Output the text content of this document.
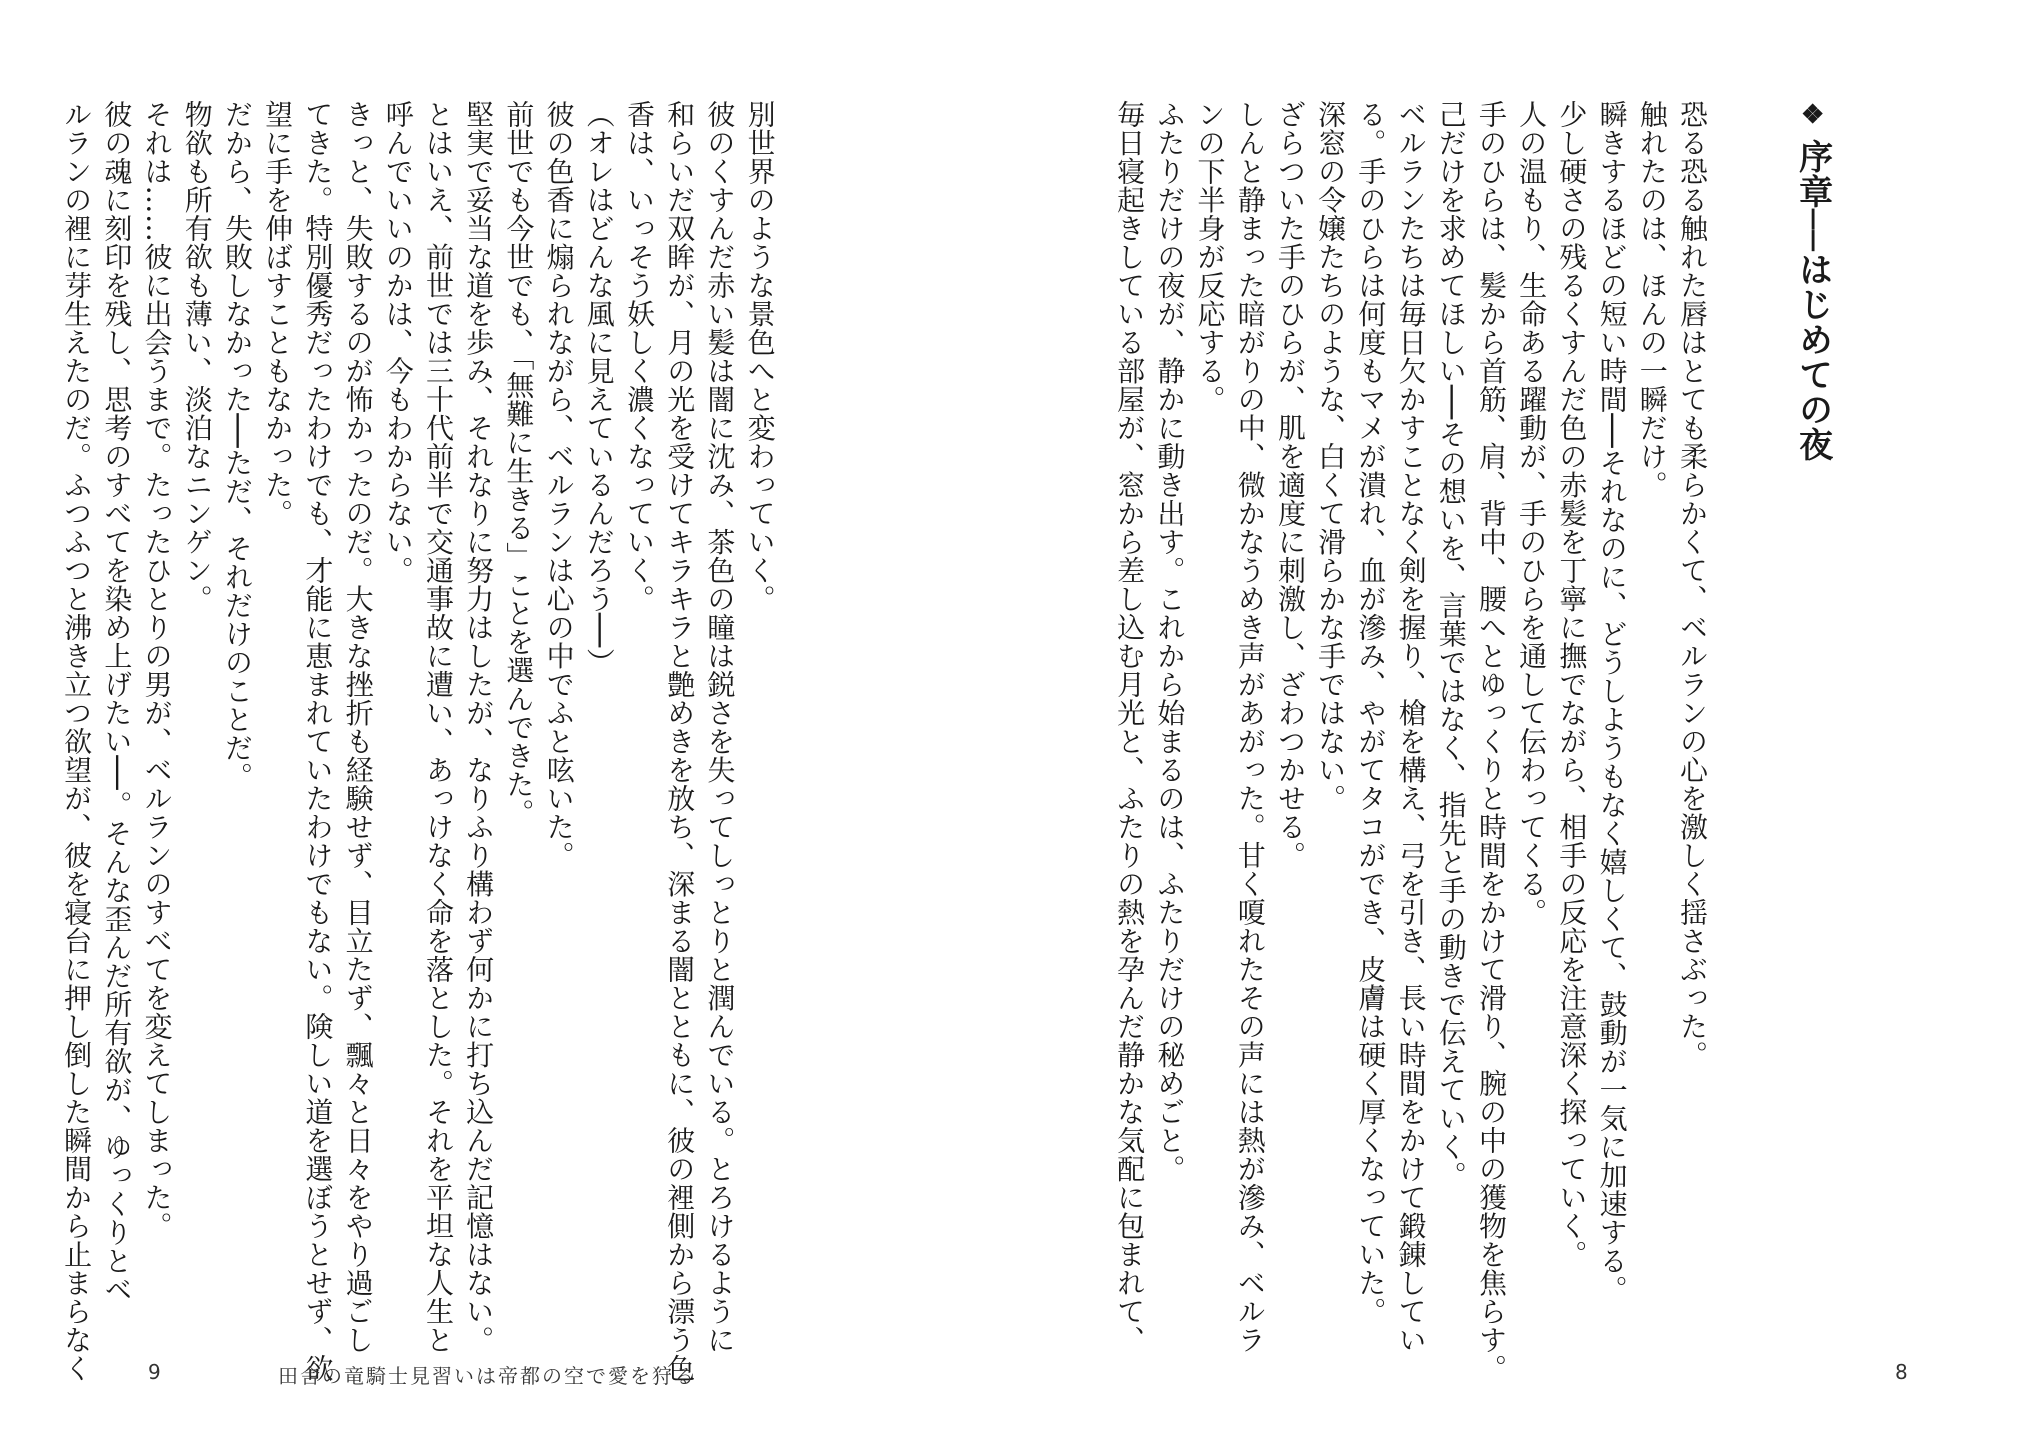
別世界のような景色へと変わっていく。
彼のくすんだ赤い髪は闇に沈み、茶色の瞳は鋭さを失ってしっとりと潤んでいる。とろけるように
和らいだ双眸が、月の光を受けてキラキラと艶めきを放ち、深まる闇とともに、彼の裡側から漂う色
香は、いっそう妖しく濃くなっていく。
（オレはどんな風に見えているんだろう──）
彼の色香に煽られながら、ベルランは心の中でふと呟いた。
前世でも今世でも、「無難に生きる」ことを選んできた。
堅実で妥当な道を歩み、それなりに努力はしたが、なりふり構わず何かに打ち込んだ記憶はない。
とはいえ、前世では三十代前半で交通事故に遭い、あっけなく命を落とした。それを平坦な人生と
呼んでいいのかは、今もわからない。
きっと、失敗するのが怖かったのだ。大きな挫折も経験せず、目立たず、飄々と日々をやり過ごし
てきた。特別優秀だったわけでも、才能に恵まれていたわけでもない。険しい道を選ぼうとせず、欲
望に手を伸ばすこともなかった。
だから、失敗しなかった──ただ、それだけのことだ。
物欲も所有欲も薄い、淡泊なニンゲン。
それは……彼に出会うまで。たったひとりの男が、ベルランのすべてを変えてしまった。
彼の魂に刻印を残し、思考のすべてを染め上げたい──。そんな歪んだ所有欲が、ゆっくりとベ
ルランの裡に芽生えたのだ。ふつふつと沸き立つ欲望が、彼を寝台に押し倒した瞬間から止まらなく	9	田舎の竜騎士見習いは帝都の空で愛を狩る

❖序章──はじめての夜

恐る恐る触れた唇はとても柔らかくて、ベルランの心を激しく揺さぶった。
触れたのは、ほんの一瞬だけ。
瞬きするほどの短い時間──それなのに、どうしようもなく嬉しくて、鼓動が一気に加速する。
少し硬さの残るくすんだ色の赤髪を丁寧に撫でながら、相手の反応を注意深く探っていく。
人の温もり、生命ある躍動が、手のひらを通して伝わってくる。
手のひらは、髪から首筋、肩、背中、腰へとゆっくりと時間をかけて滑り、腕の中の獲物を焦らす。
己だけを求めてほしい──その想いを、言葉ではなく、指先と手の動きで伝えていく。
ベルランたちは毎日欠かすことなく剣を握り、槍を構え、弓を引き、長い時間をかけて鍛錬してい
る。手のひらは何度もマメが潰れ、血が滲み、やがてタコができ、皮膚は硬く厚くなっていた。
深窓の令嬢たちのような、白くて滑らかな手ではない。
ざらついた手のひらが、肌を適度に刺激し、ざわつかせる。
しんと静まった暗がりの中、微かなうめき声があがった。甘く嗄れたその声には熱が滲み、ベルラ
ンの下半身が反応する。
ふたりだけの夜が、静かに動き出す。これから始まるのは、ふたりだけの秘めごと。
毎日寝起きしている部屋が、窓から差し込む月光と、ふたりの熱を孕んだ静かな気配に包まれて、
8
